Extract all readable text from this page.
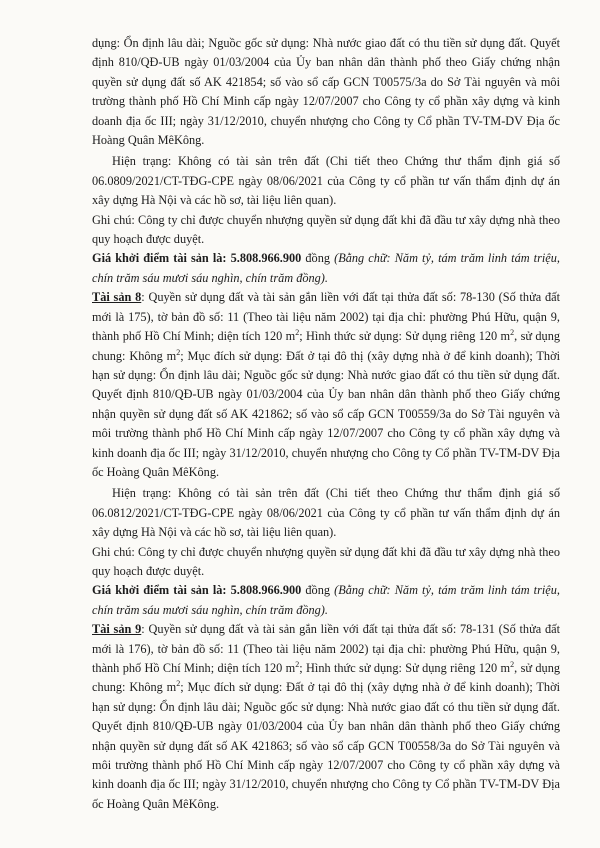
dụng: Ổn định lâu dài; Nguồc gốc sử dụng: Nhà nước giao đất có thu tiền sử dụng đất. Quyết định 810/QĐ-UB ngày 01/03/2004 của Ủy ban nhân dân thành phố theo Giấy chứng nhận quyền sử dụng đất số AK 421854; số vào sổ cấp GCN T00575/3a do Sở Tài nguyên và môi trường thành phố Hồ Chí Minh cấp ngày 12/07/2007 cho Công ty cổ phần xây dựng và kinh doanh địa ốc III; ngày 31/12/2010, chuyển nhượng cho Công ty Cổ phần TV-TM-DV Địa ốc Hoàng Quân MêKông.

Hiện trạng: Không có tài sản trên đất (Chi tiết theo Chứng thư thẩm định giá số 06.0809/2021/CT-TĐG-CPE ngày 08/06/2021 của Công ty cổ phần tư vấn thẩm định dự án xây dựng Hà Nội và các hồ sơ, tài liệu liên quan).

Ghi chú: Công ty chỉ được chuyển nhượng quyền sử dụng đất khi đã đầu tư xây dựng nhà theo quy hoạch được duyệt.

Giá khởi điểm tài sản là: 5.808.966.900 đồng (Bằng chữ: Năm tỷ, tám trăm linh tám triệu, chín trăm sáu mươi sáu nghìn, chín trăm đồng).

Tài sản 8: Quyền sử dụng đất và tài sản gắn liền với đất tại thửa đất số: 78-130 (Số thửa đất mới là 175), tờ bản đồ số: 11 (Theo tài liệu năm 2002) tại địa chỉ: phường Phú Hữu, quận 9, thành phố Hồ Chí Minh; diện tích 120 $m^2$; Hình thức sử dụng: Sử dụng riêng 120 $m^2$, sử dụng chung: Không $m^2$; Mục đích sử dụng: Đất ở tại đô thị (xây dựng nhà ở để kinh doanh); Thời hạn sử dụng: Ổn định lâu dài; Nguồc gốc sử dụng: Nhà nước giao đất có thu tiền sử dụng đất. Quyết định 810/QĐ-UB ngày 01/03/2004 của Ủy ban nhân dân thành phố theo Giấy chứng nhận quyền sử dụng đất số AK 421862; số vào sổ cấp GCN T00559/3a do Sở Tài nguyên và môi trường thành phố Hồ Chí Minh cấp ngày 12/07/2007 cho Công ty cổ phần xây dựng và kinh doanh địa ốc III; ngày 31/12/2010, chuyển nhượng cho Công ty Cổ phần TV-TM-DV Địa ốc Hoàng Quân MêKông.

Hiện trạng: Không có tài sản trên đất (Chi tiết theo Chứng thư thẩm định giá số 06.0812/2021/CT-TĐG-CPE ngày 08/06/2021 của Công ty cổ phần tư vấn thẩm định dự án xây dựng Hà Nội và các hồ sơ, tài liệu liên quan).

Ghi chú: Công ty chỉ được chuyển nhượng quyền sử dụng đất khi đã đầu tư xây dựng nhà theo quy hoạch được duyệt.

Giá khởi điểm tài sản là: 5.808.966.900 đồng (Bằng chữ: Năm tỷ, tám trăm linh tám triệu, chín trăm sáu mươi sáu nghìn, chín trăm đồng).

Tài sản 9: Quyền sử dụng đất và tài sản gắn liền với đất tại thửa đất số: 78-131 (Số thửa đất mới là 176), tờ bản đồ số: 11 (Theo tài liệu năm 2002) tại địa chỉ: phường Phú Hữu, quận 9, thành phố Hồ Chí Minh; diện tích 120 $m^2$; Hình thức sử dụng: Sử dụng riêng 120 $m^2$, sử dụng chung: Không $m^2$; Mục đích sử dụng: Đất ở tại đô thị (xây dựng nhà ở để kinh doanh); Thời hạn sử dụng: Ổn định lâu dài; Nguồc gốc sử dụng: Nhà nước giao đất có thu tiền sử dụng đất. Quyết định 810/QĐ-UB ngày 01/03/2004 của Ủy ban nhân dân thành phố theo Giấy chứng nhận quyền sử dụng đất số AK 421863; số vào sổ cấp GCN T00558/3a do Sở Tài nguyên và môi trường thành phố Hồ Chí Minh cấp ngày 12/07/2007 cho Công ty cổ phần xây dựng và kinh doanh địa ốc III; ngày 31/12/2010, chuyển nhượng cho Công ty Cổ phần TV-TM-DV Địa ốc Hoàng Quân MêKông.
